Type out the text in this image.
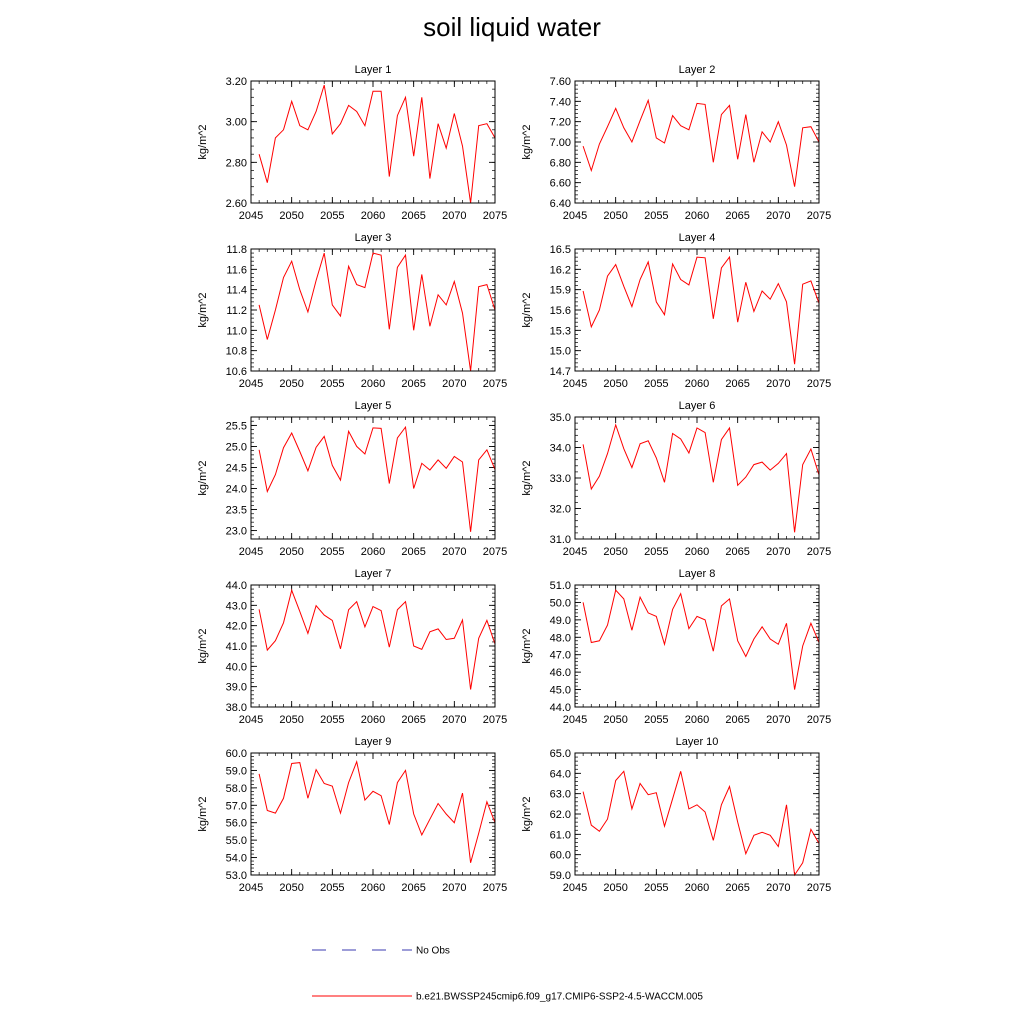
soil liquid water
Layer 1
kg/m^2
2.60
2.80
3.00
3.20
2045 2050 2055 2060 2065 2070 2075
Layer 2
kg/m^2
6.40
6.60
6.80
7.00
7.20
7.40
7.60
2045 2050 2055 2060 2065 2070 2075
Layer 3
kg/m^2
10.6
10.8
11.0
11.2
11.4
11.6
11.8
2045 2050 2055 2060 2065 2070 2075
Layer 4
kg/m^2
14.7
15.0
15.3
15.6
15.9
16.2
16.5
2045 2050 2055 2060 2065 2070 2075
Layer 5
kg/m^2
23.0
23.5
24.0
24.5
25.0
25.5
2045 2050 2055 2060 2065 2070 2075
Layer 6
kg/m^2
31.0
32.0
33.0
34.0
35.0
2045 2050 2055 2060 2065 2070 2075
Layer 7
kg/m^2
38.0
39.0
40.0
41.0
42.0
43.0
44.0
2045 2050 2055 2060 2065 2070 2075
Layer 8
kg/m^2
44.0
45.0
46.0
47.0
48.0
49.0
50.0
51.0
2045 2050 2055 2060 2065 2070 2075
Layer 9
kg/m^2
53.0
54.0
55.0
56.0
57.0
58.0
59.0
60.0
2045 2050 2055 2060 2065 2070 2075
Layer 10
kg/m^2
59.0
60.0
61.0
62.0
63.0
64.0
65.0
2045 2050 2055 2060 2065 2070 2075
No Obs
b.e21.BWSSP245cmip6.f09_g17.CMIP6-SSP2-4.5-WACCM.005
